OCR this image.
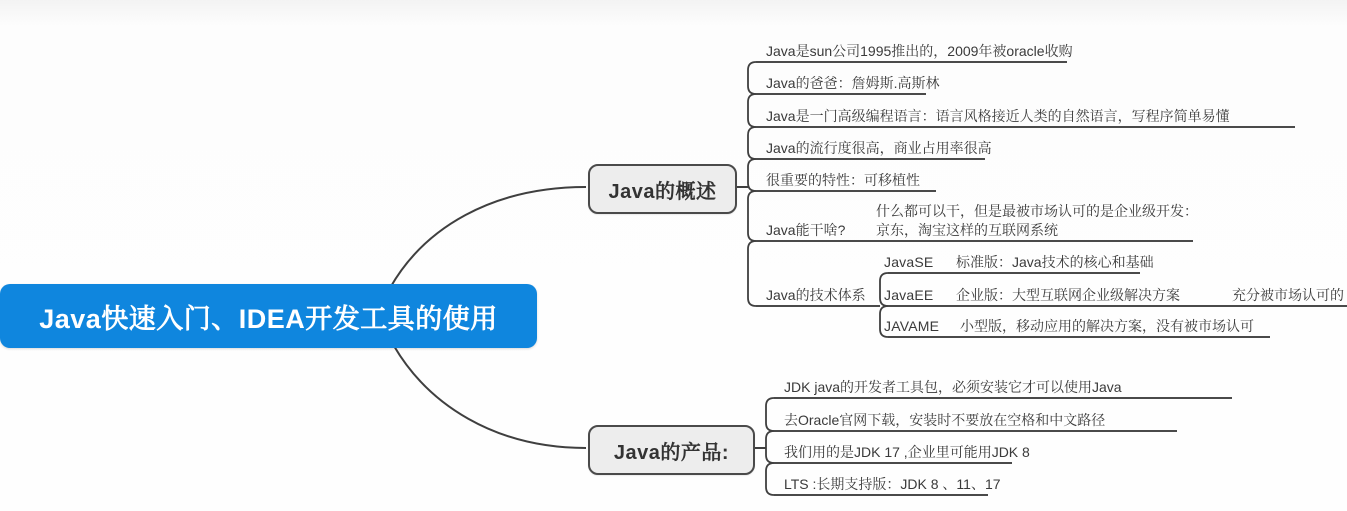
Java快速入门、IDEA开发工具的使用
Java的概述
Java的产品:
Java是sun公司1995推出的，2009年被oracle收购
Java的爸爸：詹姆斯.高斯林
Java是一门高级编程语言：语言风格接近人类的自然语言，写程序简单易懂
Java的流行度很高，商业占用率很高
很重要的特性：可移植性
Java能干啥?
什么都可以干，但是最被市场认可的是企业级开发：
京东，淘宝这样的互联网系统
Java的技术体系
JavaSE 标准版：Java技术的核心和基础
JavaEE 企业版：大型互联网企业级解决方案	充分被市场认可的
JAVAME 小型版，移动应用的解决方案，没有被市场认可
JDK java的开发者工具包，必须安装它才可以使用Java
去Oracle官网下载，安装时不要放在空格和中文路径
我们用的是JDK 17 ,企业里可能用JDK 8
LTS :长期支持版：JDK 8 、11、17
